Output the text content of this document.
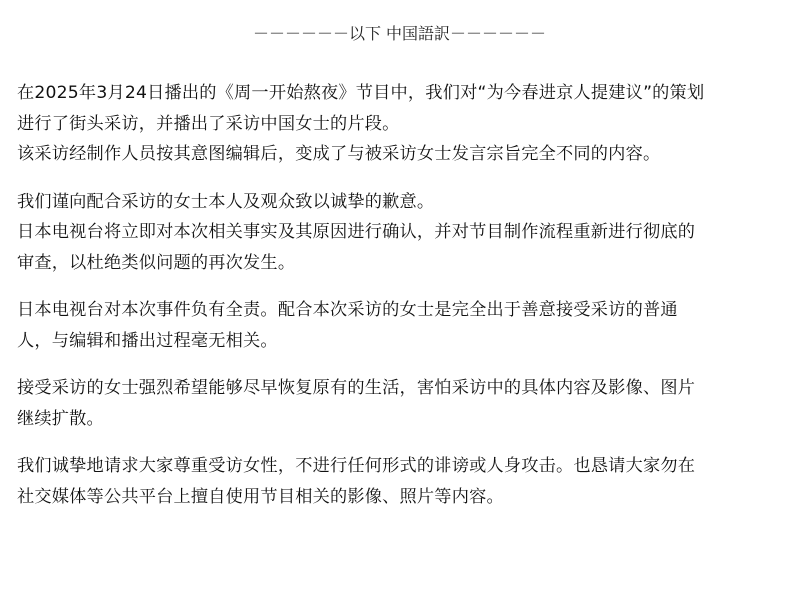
－－－－－－以下 中国語訳－－－－－－
在2025年3月24日播出的《周一开始熬夜》节目中，我们对“为今春进京人提建议”的策划
进行了街头采访，并播出了采访中国女士的片段。
该采访经制作人员按其意图编辑后，变成了与被采访女士发言宗旨完全不同的内容。
我们谨向配合采访的女士本人及观众致以诚挚的歉意。
日本电视台将立即对本次相关事实及其原因进行确认，并对节目制作流程重新进行彻底的
审查，以杜绝类似问题的再次发生。
日本电视台对本次事件负有全责。配合本次采访的女士是完全出于善意接受采访的普通
人，与编辑和播出过程毫无相关。
接受采访的女士强烈希望能够尽早恢复原有的生活，害怕采访中的具体内容及影像、图片
继续扩散。
我们诚挚地请求大家尊重受访女性，不进行任何形式的诽谤或人身攻击。也恳请大家勿在
社交媒体等公共平台上擅自使用节目相关的影像、照片等内容。
